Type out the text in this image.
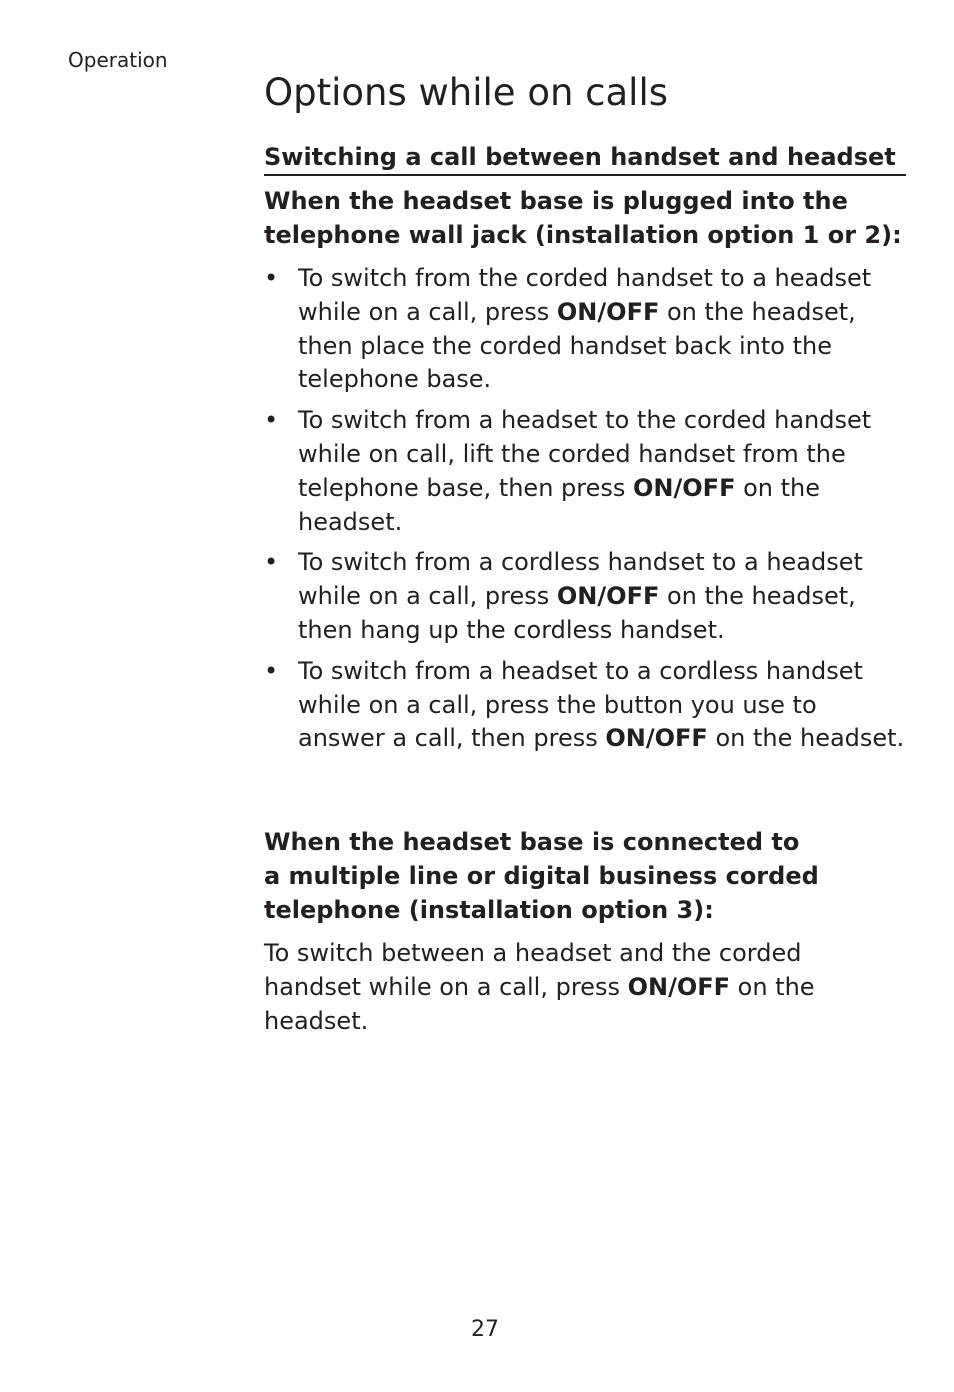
Operation
Options while on calls
Switching a call between handset and headset

When the headset base is plugged into the telephone wall jack (installation option 1 or 2):

• To switch from the corded handset to a headset while on a call, press ON/OFF on the headset, then place the corded handset back into the telephone base.
• To switch from a headset to the corded handset while on call, lift the corded handset from the telephone base, then press ON/OFF on the headset.
• To switch from a cordless handset to a headset while on a call, press ON/OFF on the headset, then hang up the cordless handset.
• To switch from a headset to a cordless handset while on a call, press the button you use to answer a call, then press ON/OFF on the headset.

When the headset base is connected to
a multiple line or digital business corded
telephone (installation option 3):

To switch between a headset and the corded handset while on a call, press ON/OFF on the headset.

27
